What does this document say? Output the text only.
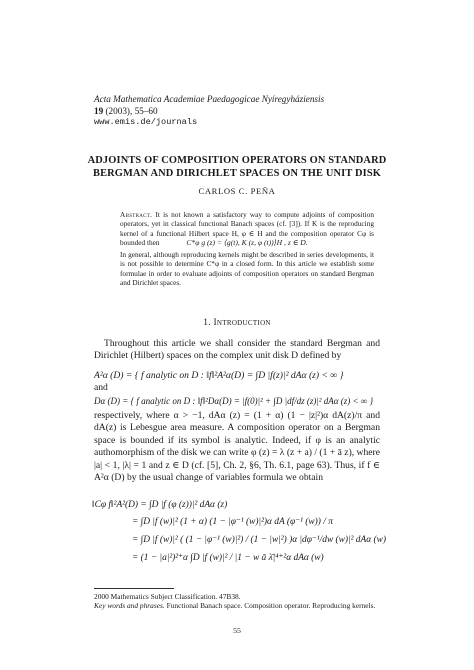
Acta Mathematica Academiae Paedagogicae Nyíregyháziensis
19 (2003), 55–60
www.emis.de/journals
ADJOINTS OF COMPOSITION OPERATORS ON STANDARD
BERGMAN AND DIRICHLET SPACES ON THE UNIT DISK
CARLOS C. PEÑA
Abstract. It is not known a satisfactory way to compute adjoints of composition operators, yet in classical functional Banach spaces (cf. [3]). If K is the reproducing kernel of a functional Hilbert space H, φ ∈ H and the composition operator Cφ is bounded then	C*φ g (z) = ⟨g(t), K (z, φ (t))⟩H , z ∈ D.
In general, although reproducing kernels might be described in series developments, it is not possible to determine C*φ in a closed form. In this article we establish some formulae in order to evaluate adjoints of composition operators on standard Bergman and Dirichlet spaces.
1. Introduction
Throughout this article we shall consider the standard Bergman and Dirichlet (Hilbert) spaces on the complex unit disk D defined by
A²α (D) = { f analytic on D : ‖f‖²A²α(D) = ∫D |f(z)|² dAα (z) < ∞ }
and
Dα (D) = { f analytic on D : ‖f‖²Dα(D) = |f(0)|² + ∫D |df/dz (z)|² dAα (z) < ∞ }
respectively, where α > −1, dAα (z) = (1 + α) (1 − |z|²)α dA(z)/π and dA(z) is Lebesgue area measure. A composition operator on a Bergman space is bounded if its symbol is analytic. Indeed, if φ is an analytic authomorphism of the disk we can write φ (z) = λ (z + a) / (1 + ā z), where |a| < 1, |λ| = 1 and z ∈ D (cf. [5], Ch. 2, §6, Th. 6.1, page 63). Thus, if f ∈ A²α (D) by the usual change of variables formula we obtain
‖Cφ f‖²A²(D) = ∫D |f (φ (z))|² dAα (z)
= ∫D |f (w)|² (1 + α) (1 − |φ⁻¹ (w)|²)α dA (φ⁻¹ (w)) / π
= ∫D |f (w)|² ( (1 − |φ⁻¹ (w)|²) / (1 − |w|²) )α |dφ⁻¹/dw (w)|² dAα (w)
= (1 − |a|²)²⁺α ∫D |f (w)|² / |1 − w ā λ̄|⁴⁺²α dAα (w)
2000 Mathematics Subject Classification. 47B38.
Key words and phrases. Functional Banach space. Composition operator. Reproducing kernels.
55
